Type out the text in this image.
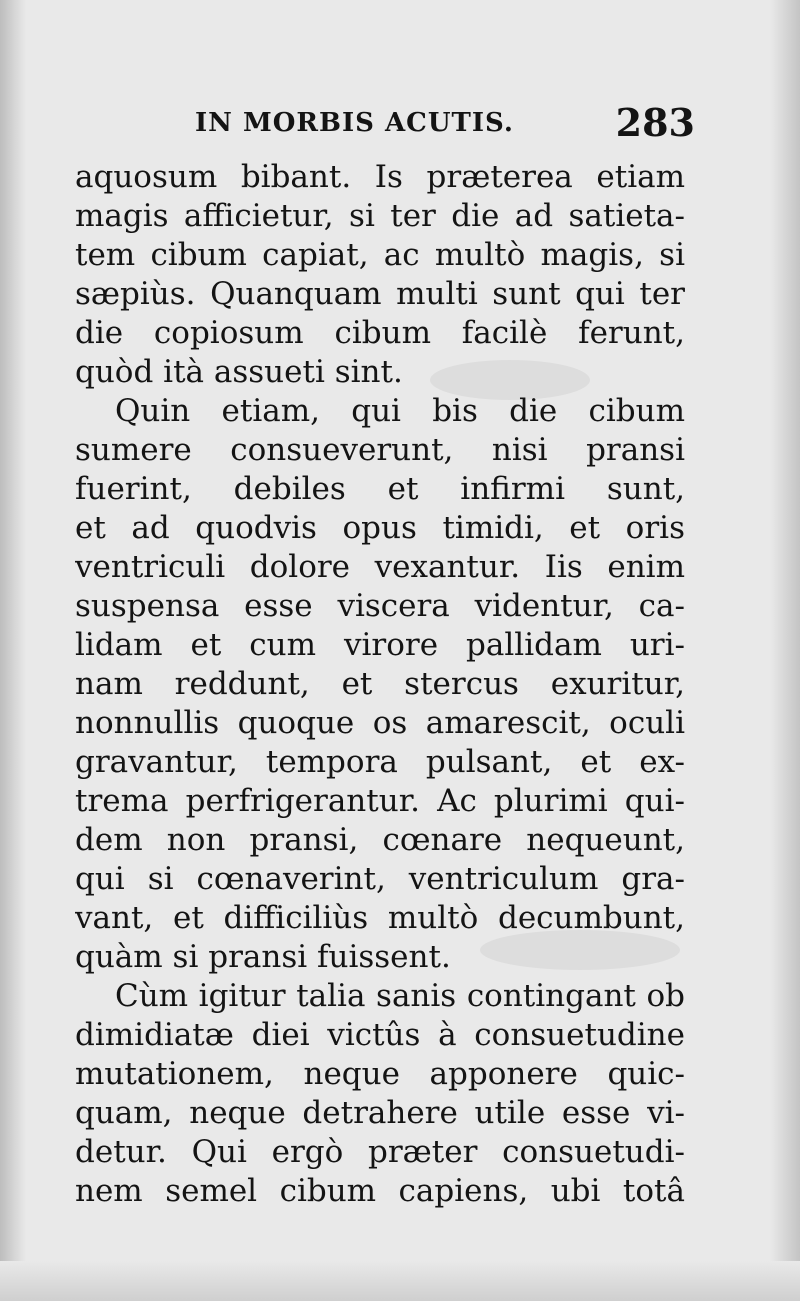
IN MORBIS ACUTIS.	283
aquosum bibant. Is præterea etiam
magis afficietur, si ter die ad satieta-
tem cibum capiat, ac multò magis, si
sæpiùs. Quanquam multi sunt qui ter
die copiosum cibum facilè ferunt,
quòd ità assueti sint.
Quin etiam, qui bis die cibum
sumere consueverunt, nisi pransi
fuerint, debiles et infirmi sunt,
et ad quodvis opus timidi, et oris
ventriculi dolore vexantur. Iis enim
suspensa esse viscera videntur, ca-
lidam et cum virore pallidam uri-
nam reddunt, et stercus exuritur,
nonnullis quoque os amarescit, oculi
gravantur, tempora pulsant, et ex-
trema perfrigerantur. Ac plurimi qui-
dem non pransi, cœnare nequeunt,
qui si cœnaverint, ventriculum gra-
vant, et difficiliùs multò decumbunt,
quàm si pransi fuissent.
Cùm igitur talia sanis contingant ob
dimidiatæ diei victûs à consuetudine
mutationem, neque apponere quic-
quam, neque detrahere utile esse vi-
detur. Qui ergò præter consuetudi-
nem semel cibum capiens, ubi totâ
